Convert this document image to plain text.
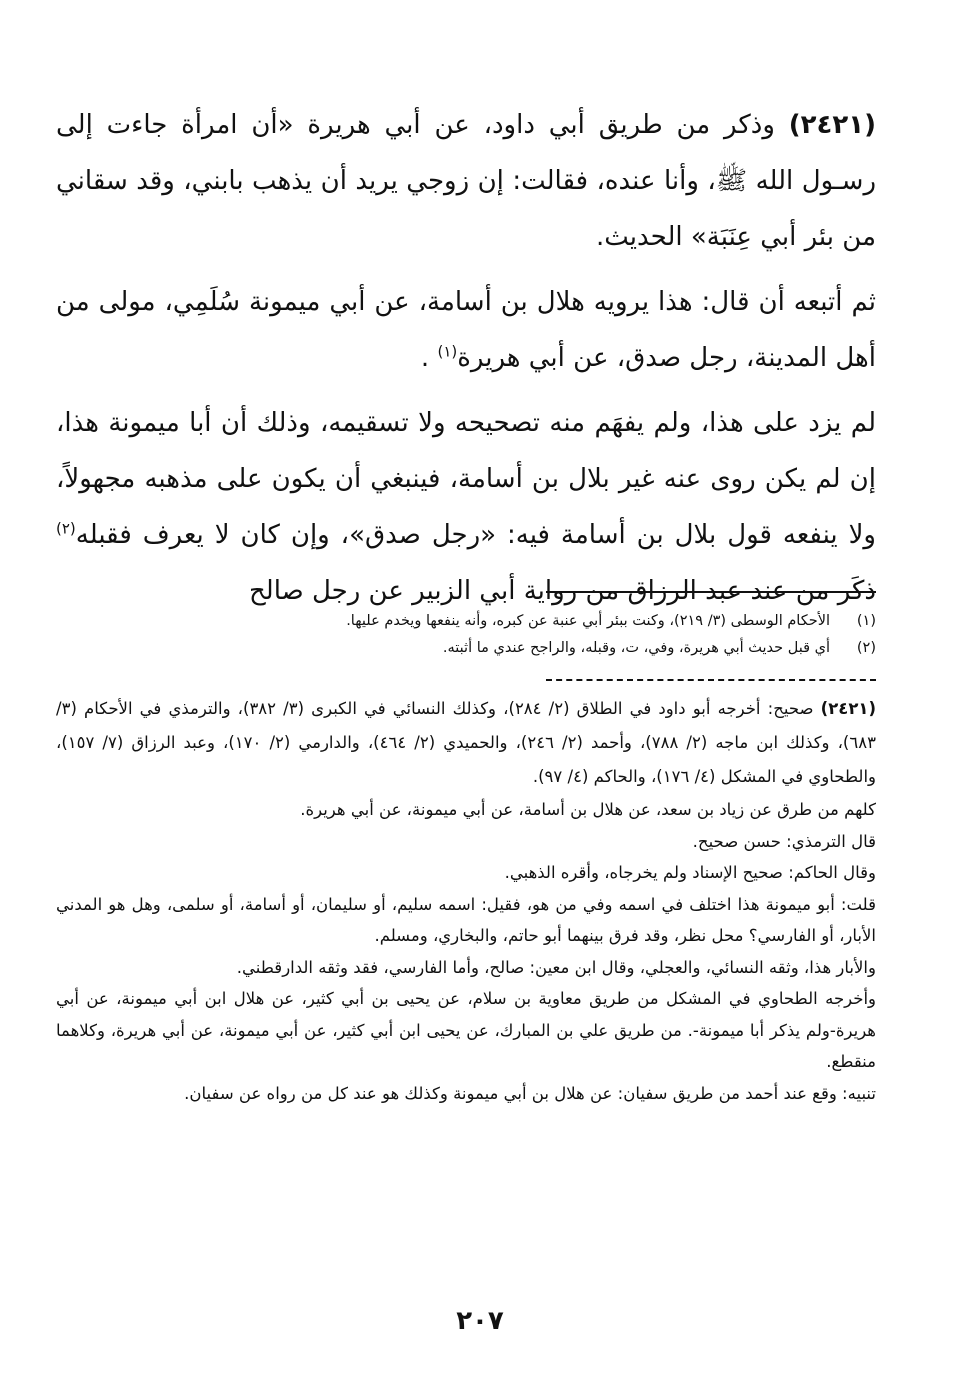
(٢٤٢١) وذكر من طريق أبي داود، عن أبي هريرة «أن امرأة جاءت إلى رسـول الله ﷺ، وأنا عنده، فقالت: إن زوجي يريد أن يذهب بابني، وقد سقاني من بئر أبي عِنَبَة» الحديث.

ثم أتبعه أن قال: هذا يرويه هلال بن أسامة، عن أبي ميمونة سُلَمِي، مولى من أهل المدينة، رجل صدق، عن أبي هريرة$^{(١)}$ .

لم يزد على هذا، ولم يفهَم منه تصحيحه ولا تسقيمه، وذلك أن أبا ميمونة هذا، إن لم يكن روى عنه غير بلال بن أسامة، فينبغي أن يكون على مذهبه مجهولاً، ولا ينفعه قول بلال بن أسامة فيه: «رجل صدق»، وإن كان لا يعرف فقبله$^{(٢)}$ ذكَر من عند عبد الرزاق من رواية أبي الزبير عن رجل صالح

(١)الأحكام الوسطى (٣/ ٢١٩)، وكنت ببئر أبي عنبة عن كبره، وأنه ينفعها ويخدم عليها.
(٢)أي قبل حديث أبي هريرة، وفي، ت، وقبله، والراجح عندي ما أثبته.

(٢٤٢١) صحيح: أخرجه أبو داود في الطلاق (٢/ ٢٨٤)، وكذلك النسائي في الكبرى (٣/ ٣٨٢)، والترمذي في الأحكام (٣/ ٦٨٣)، وكذلك ابن ماجه (٢/ ٧٨٨)، وأحمد (٢/ ٢٤٦)، والحميدي (٢/ ٤٦٤)، والدارمي (٢/ ١٧٠)، وعبد الرزاق (٧/ ١٥٧)، والطحاوي في المشكل (٤/ ١٧٦)، والحاكم (٤/ ٩٧).

كلهم من طرق عن زياد بن سعد، عن هلال بن أسامة، عن أبي ميمونة، عن أبي هريرة.

قال الترمذي: حسن صحيح.

وقال الحاكم: صحيح الإسناد ولم يخرجاه، وأقره الذهبي.

قلت: أبو ميمونة هذا اختلف في اسمه وفي من هو، فقيل: اسمه سليم، أو سليمان، أو أسامة، أو سلمى، وهل هو المدني الأبار، أو الفارسي؟ محل نظر، وقد فرق بينهما أبو حاتم، والبخاري، ومسلم.

والأبار هذا، وثقه النسائي، والعجلي، وقال ابن معين: صالح، وأما الفارسي، فقد وثقه الدارقطني.

وأخرجه الطحاوي في المشكل من طريق معاوية بن سلام، عن يحيى بن أبي كثير، عن هلال ابن أبي ميمونة، عن أبي هريرة-ولم يذكر أبا ميمونة-. من طريق علي بن المبارك، عن يحيى ابن أبي كثير، عن أبي ميمونة، عن أبي هريرة، وكلاهما منقطع.

تنبيه: وقع عند أحمد من طريق سفيان: عن هلال بن أبي ميمونة وكذلك هو عند كل من رواه عن سفيان.

٢٠٧
